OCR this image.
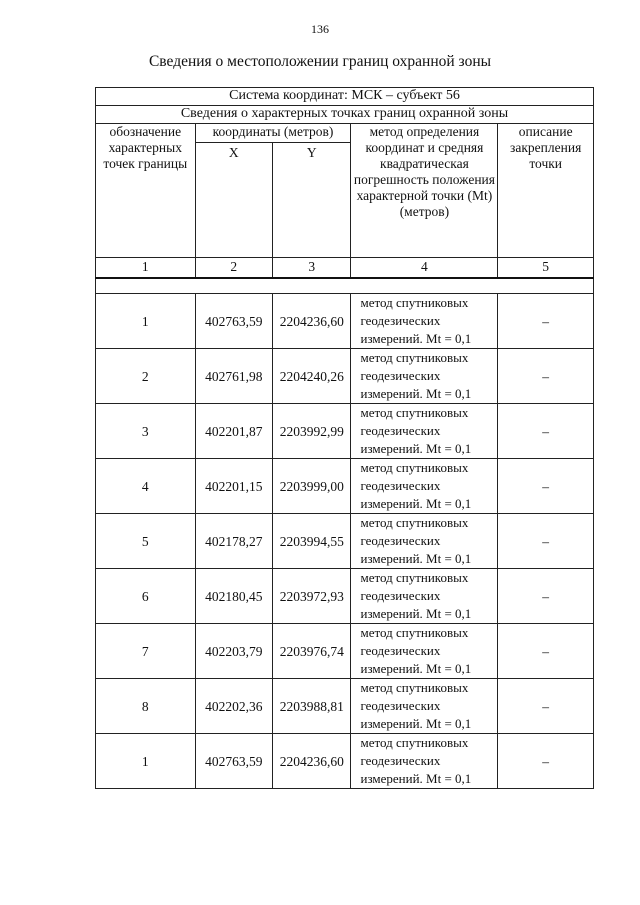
136
Сведения о местоположении границ охранной зоны
Система координат: МСК – субъект 56				
Сведения о характерных точках границ охранной зоны				

обозначение характерных точек границы	координаты (метров)		метод определения координат и средняя квадратическая погрешность положения характерной точки (Mt) (метров)	описание закрепления точки

	X	Y		
1	2	3	4	5

1	402763,59	2204236,60	метод спутниковых геодезических измерений. Mt = 0,1	–
2	402761,98	2204240,26	метод спутниковых геодезических измерений. Mt = 0,1	–
3	402201,87	2203992,99	метод спутниковых геодезических измерений. Mt = 0,1	–
4	402201,15	2203999,00	метод спутниковых геодезических измерений. Mt = 0,1	–
5	402178,27	2203994,55	метод спутниковых геодезических измерений. Mt = 0,1	–
6	402180,45	2203972,93	метод спутниковых геодезических измерений. Mt = 0,1	–
7	402203,79	2203976,74	метод спутниковых геодезических измерений. Mt = 0,1	–
8	402202,36	2203988,81	метод спутниковых геодезических измерений. Mt = 0,1	–
1	402763,59	2204236,60	метод спутниковых геодезических измерений. Mt = 0,1	–
